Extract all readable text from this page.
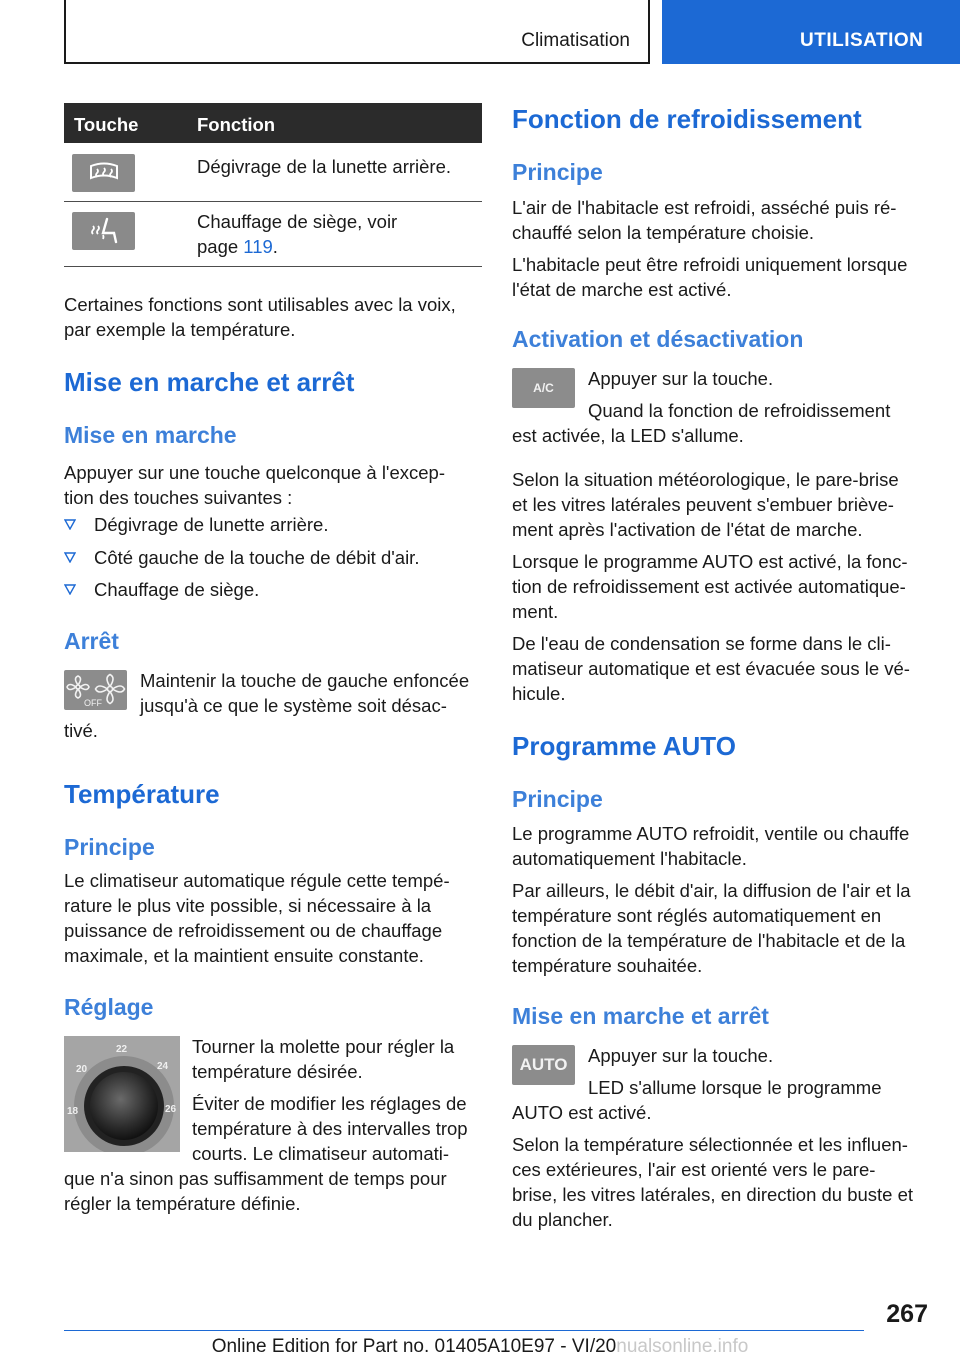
Climatisation	UTILISATION
Touche	Fonction

Dégivrage de la lunette arrière.

Chauffage de siège, voir

page 119.

Certaines fonctions sont utilisables avec la voix,

par exemple la température.

Mise en marche et arrêt
Mise en marche

Appuyer sur une touche quelconque à l'excep-

tion des touches suivantes :

Dégivrage de lunette arrière.
Côté gauche de la touche de débit d'air.
Chauffage de siège.
Arrêt
OFF

Maintenir la touche de gauche enfoncée

jusqu'à ce que le système soit désac-

tivé.

Température
Principe

Le climatiseur automatique régule cette tempé-

rature le plus vite possible, si nécessaire à la

puissance de refroidissement ou de chauffage

maximale, et la maintient ensuite constante.

Réglage
22
24
26
20
18

Tourner la molette pour régler la

température désirée.

Éviter de modifier les réglages de

température à des intervalles trop

courts. Le climatiseur automati-

que n'a sinon pas suffisamment de temps pour

régler la température définie.

Fonction de refroidissement
Principe

L'air de l'habitacle est refroidi, asséché puis ré-

chauffé selon la température choisie.

L'habitacle peut être refroidi uniquement lorsque

l'état de marche est activé.

Activation et désactivation
A/C	Appuyer sur la touche.

Quand la fonction de refroidissement

est activée, la LED s'allume.

Selon la situation météorologique, le pare-brise

et les vitres latérales peuvent s'embuer briève-

ment après l'activation de l'état de marche.

Lorsque le programme AUTO est activé, la fonc-

tion de refroidissement est activée automatique-

ment.

De l'eau de condensation se forme dans le cli-

matiseur automatique et est évacuée sous le vé-

hicule.

Programme AUTO
Principe

Le programme AUTO refroidit, ventile ou chauffe

automatiquement l'habitacle.

Par ailleurs, le débit d'air, la diffusion de l'air et la

température sont réglés automatiquement en

fonction de la température de l'habitacle et de la

température souhaitée.

Mise en marche et arrêt
AUTO	Appuyer sur la touche.

LED s'allume lorsque le programme

AUTO est activé.

Selon la température sélectionnée et les influen-

ces extérieures, l'air est orienté vers le pare-

brise, les vitres latérales, en direction du buste et

du plancher.

267
Online Edition for Part no. 01405A10E97 - VI/20nualsonline.info
